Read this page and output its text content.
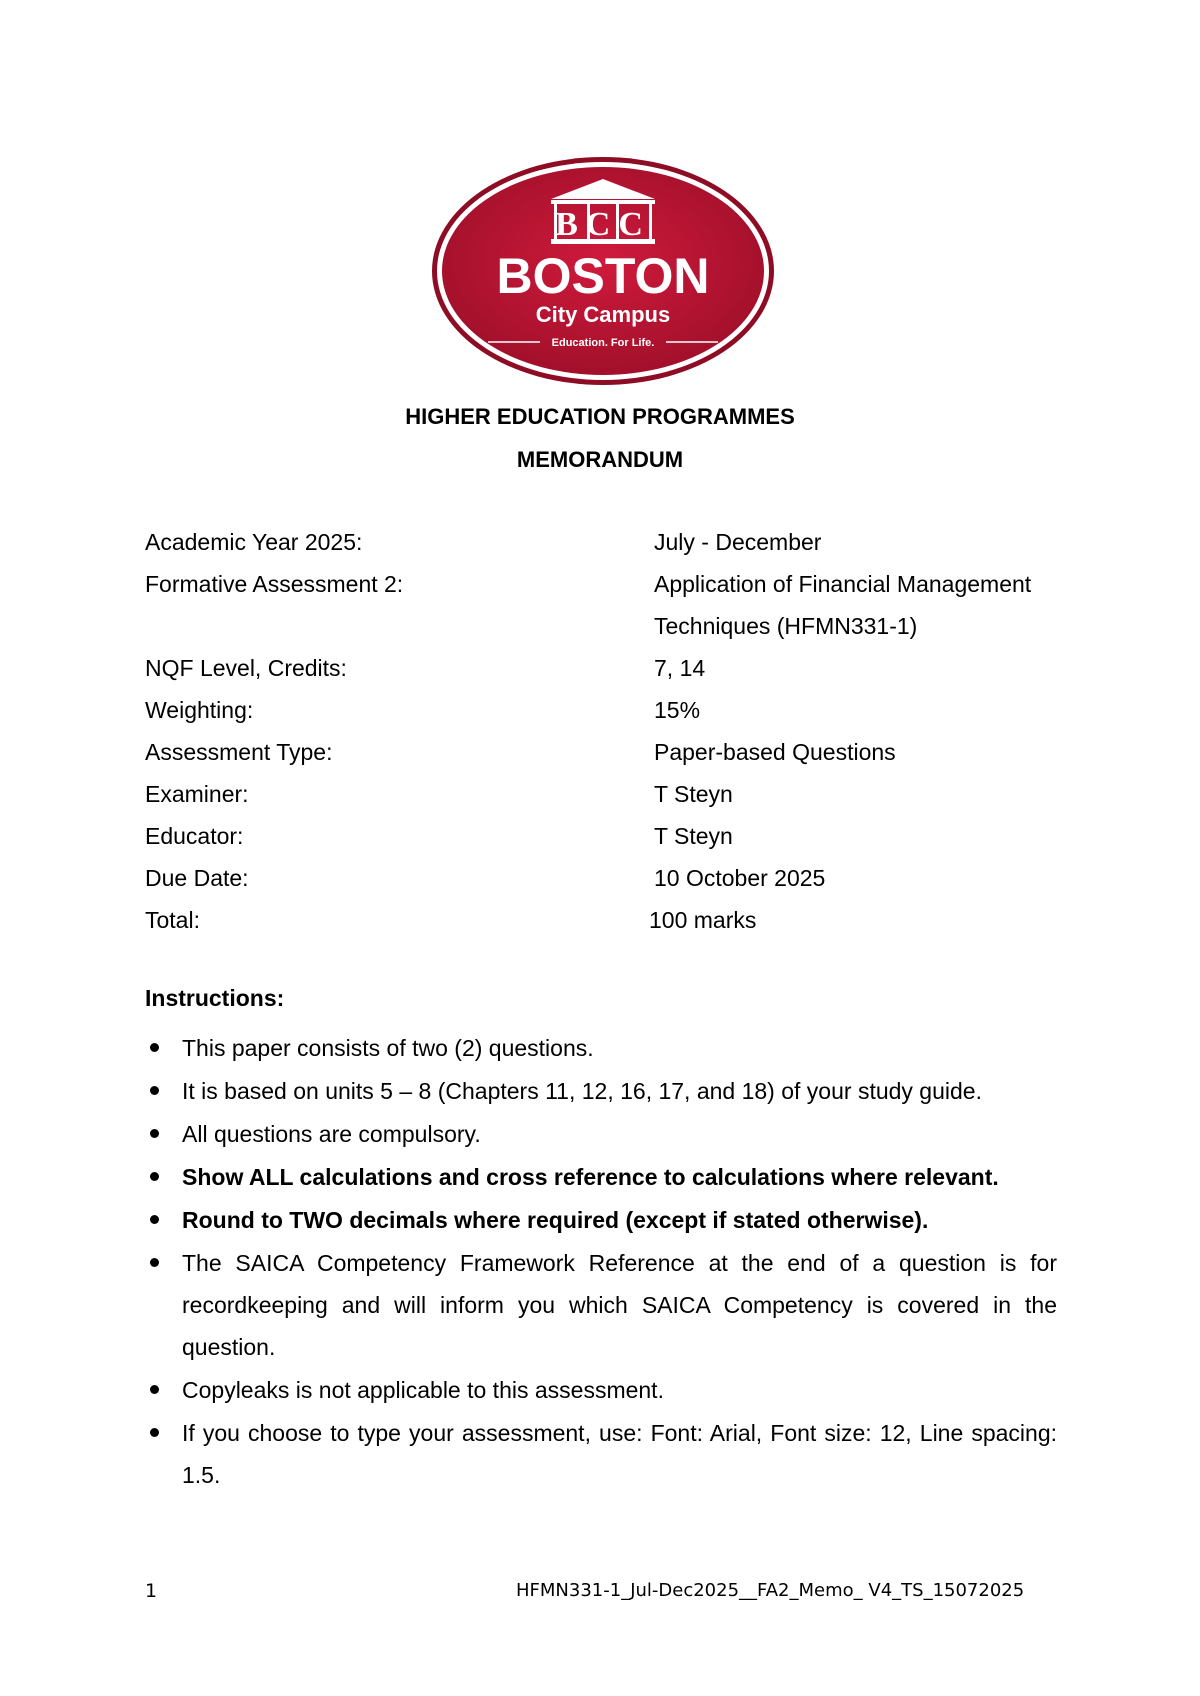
BCC
BOSTON
City Campus
Education. For Life.
HIGHER EDUCATION PROGRAMMES
MEMORANDUM
Academic Year 2025:	July - December
Formative Assessment 2:	Application of Financial Management
Techniques (HFMN331-1)
NQF Level, Credits:	7, 14
Weighting:	15%
Assessment Type:	Paper-based Questions
Examiner:	T Steyn
Educator:	T Steyn
Due Date:	10 October 2025
Total:	100 marks
Instructions:
This paper consists of two (2) questions.
It is based on units 5 – 8 (Chapters 11, 12, 16, 17, and 18) of your study guide.
All questions are compulsory.
Show ALL calculations and cross reference to calculations where relevant.
Round to TWO decimals where required (except if stated otherwise).
The SAICA Competency Framework Reference at the end of a question is for recordkeeping and will inform you which SAICA Competency is covered in the question.
Copyleaks is not applicable to this assessment.
If you choose to type your assessment, use: Font: Arial, Font size: 12, Line spacing: 1.5.
1	HFMN331-1_Jul-Dec2025__FA2_Memo_ V4_TS_15072025
